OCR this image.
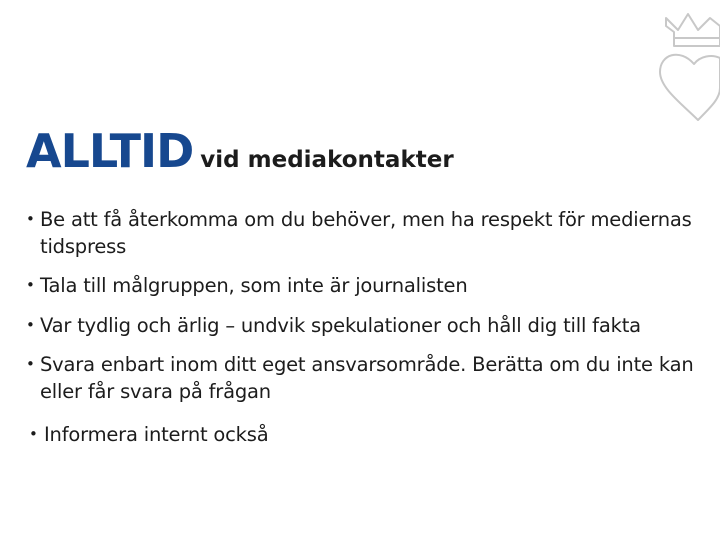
ALLTID vid mediakontakter
• Be att få återkomma om du behöver, men ha respekt för mediernas tidspress
• Tala till målgruppen, som inte är journalisten
• Var tydlig och ärlig – undvik spekulationer och håll dig till fakta
• Svara enbart inom ditt eget ansvarsområde. Berätta om du inte kan eller får svara på frågan
• Informera internt också
